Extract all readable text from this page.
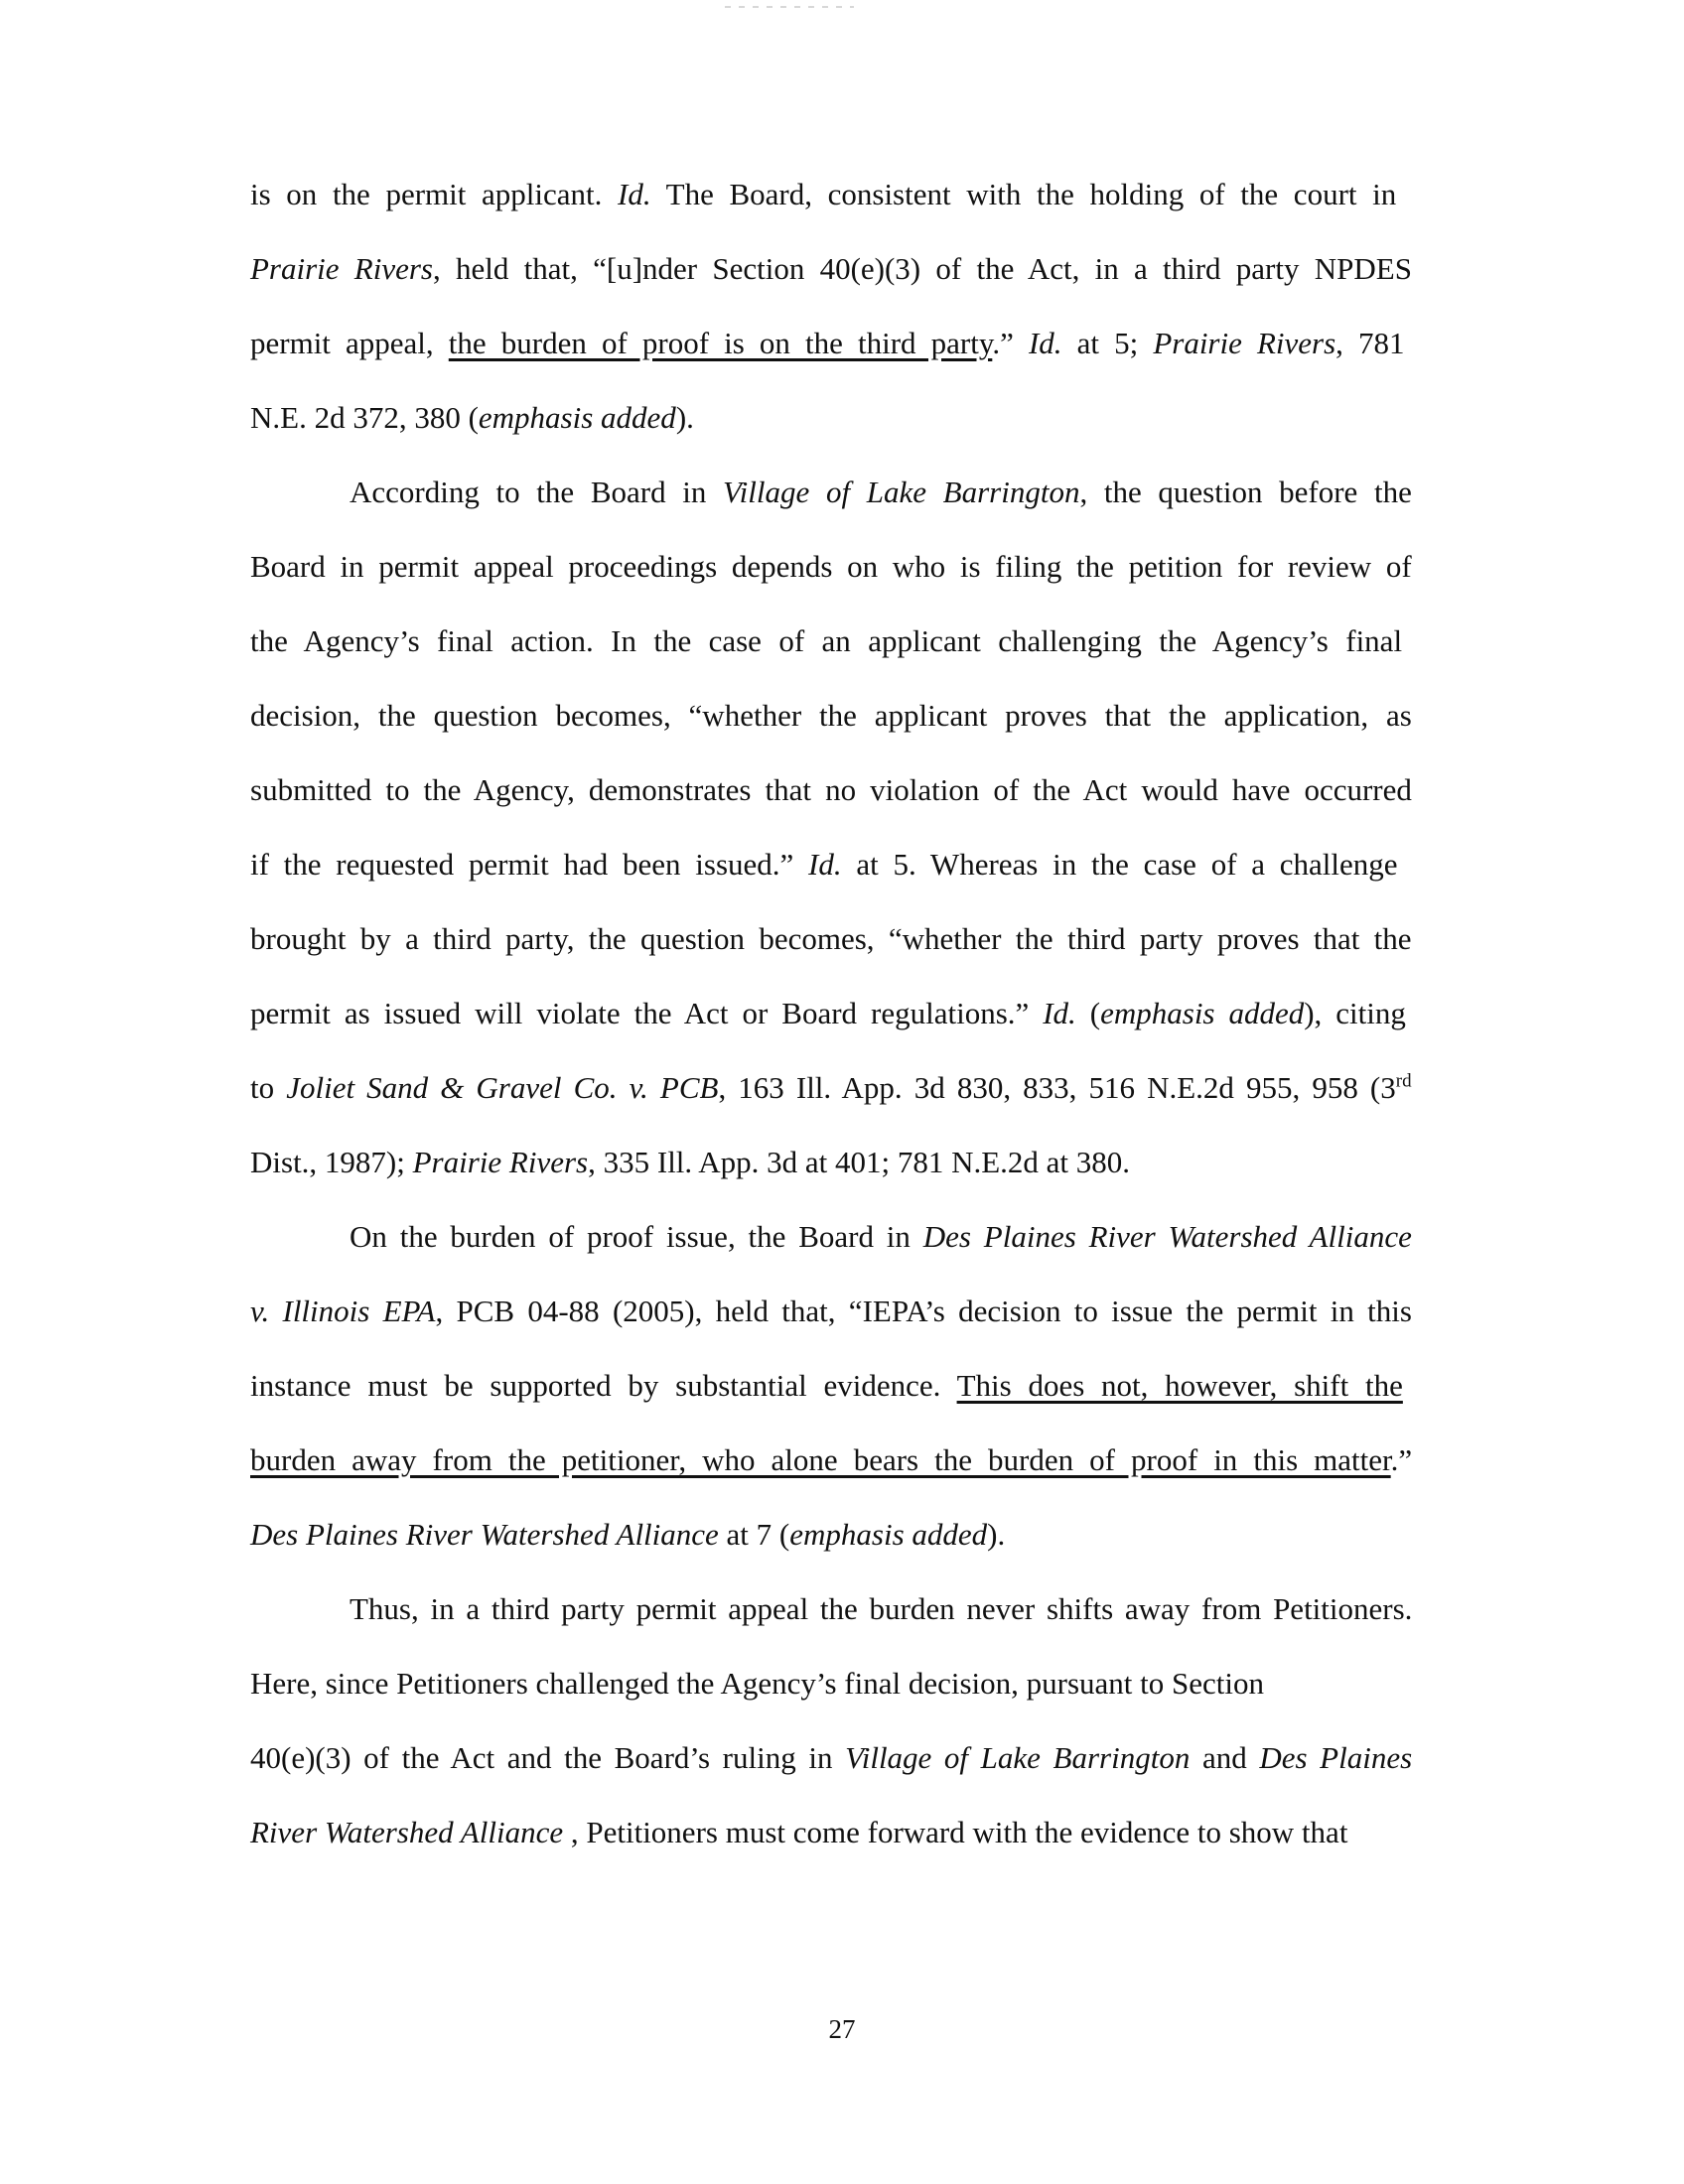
is on the permit applicant. Id. The Board, consistent with the holding of the court in
Prairie Rivers, held that, “[u]nder Section 40(e)(3) of the Act, in a third party NPDES
permit appeal, the burden of proof is on the third party.” Id. at 5; Prairie Rivers, 781
N.E. 2d 372, 380 (emphasis added).
According to the Board in Village of Lake Barrington, the question before the
Board in permit appeal proceedings depends on who is filing the petition for review of
the Agency’s final action. In the case of an applicant challenging the Agency’s final
decision, the question becomes, “whether the applicant proves that the application, as
submitted to the Agency, demonstrates that no violation of the Act would have occurred
if the requested permit had been issued.” Id. at 5. Whereas in the case of a challenge
brought by a third party, the question becomes, “whether the third party proves that the
permit as issued will violate the Act or Board regulations.” Id. (emphasis added), citing
to Joliet Sand & Gravel Co. v. PCB, 163 Ill. App. 3d 830, 833, 516 N.E.2d 955, 958 (3rd
Dist., 1987); Prairie Rivers, 335 Ill. App. 3d at 401; 781 N.E.2d at 380.
On the burden of proof issue, the Board in Des Plaines River Watershed Alliance
v. Illinois EPA, PCB 04-88 (2005), held that, “IEPA’s decision to issue the permit in this
instance must be supported by substantial evidence. This does not, however, shift the
burden away from the petitioner, who alone bears the burden of proof in this matter.”
Des Plaines River Watershed Alliance at 7 (emphasis added).
Thus, in a third party permit appeal the burden never shifts away from Petitioners.
Here, since Petitioners challenged the Agency’s final decision, pursuant to Section
40(e)(3) of the Act and the Board’s ruling in Village of Lake Barrington and Des Plaines
River Watershed Alliance , Petitioners must come forward with the evidence to show that
27
